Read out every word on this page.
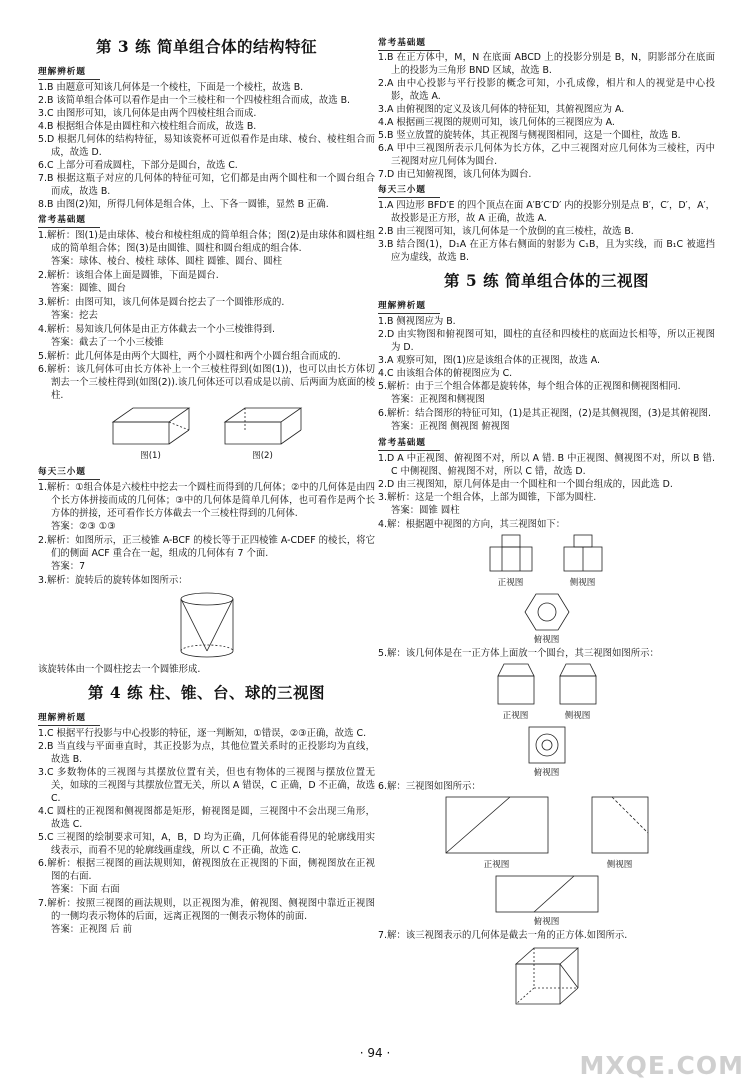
第 3 练 简单组合体的结构特征
理解辨析题

1.B 由题意可知该几何体是一个棱柱，下面是一个棱柱，故选 B.

2.B 该简单组合体可以看作是由一个三棱柱和一个四棱柱组合而成，故选 B.

3.C 由图形可知，该几何体是由两个四棱柱组合而成.

4.B 根据组合体是由圆柱和六棱柱组合而成，故选 B.

5.D 根据几何体的结构特征，易知该瓷杯可近似看作是由球、棱台、棱柱组合而成，故选 D.

6.C 上部分可看成圆柱，下部分是圆台，故选 C.

7.B 根据这瓶子对应的几何体的特征可知，它们都是由两个圆柱和一个圆台组合而成，故选 B.

8.B 由图(2)知，所得几何体是组合体，上、下各一圆锥，显然 B 正确.

常考基础题

1.解析：图(1)是由球体、棱台和棱柱组成的简单组合体；图(2)是由球体和圆柱组成的简单组合体；图(3)是由圆锥、圆柱和圆台组成的组合体.

答案：球体、棱台、棱柱 球体、圆柱 圆锥、圆台、圆柱

2.解析：该组合体上面是圆锥，下面是圆台.

答案：圆锥、圆台

3.解析：由图可知，该几何体是圆台挖去了一个圆锥形成的.

答案：挖去

4.解析：易知该几何体是由正方体截去一个小三棱锥得到.

答案：截去了一个小三棱锥

5.解析：此几何体是由两个大圆柱，两个小圆柱和两个小圆台组合而成的.

6.解析：该几何体可由长方体补上一个三棱柱得到(如图(1))，也可以由长方体切割去一个三棱柱得到(如图(2)).该几何体还可以看成是以前、后两面为底面的棱柱.

图(1)	图(2)

每天三小题

1.解析：①组合体是六棱柱中挖去一个圆柱而得到的几何体；②中的几何体是由四个长方体拼接而成的几何体；③中的几何体是简单几何体，也可看作是两个长方体的拼接，还可看作长方体截去一个三棱柱得到的几何体.

答案：②③ ①③

2.解析：如图所示，正三棱锥 A-BCF 的棱长等于正四棱锥 A-CDEF 的棱长，将它们的侧面 ACF 重合在一起，组成的几何体有 7 个面.

答案：7

3.解析：旋转后的旋转体如图所示：

该旋转体由一个圆柱挖去一个圆锥形成.

第 4 练 柱、锥、台、球的三视图
理解辨析题

1.C 根据平行投影与中心投影的特征，逐一判断知，①错误，②③正确，故选 C.

2.B 当直线与平面垂直时，其正投影为点，其他位置关系时的正投影均为直线，故选 B.

3.C 多数物体的三视图与其摆放位置有关，但也有物体的三视图与摆放位置无关，如球的三视图与其摆放位置无关，所以 A 错误，C 正确，D 不正确，故选 C.

4.C 圆柱的正视图和侧视图都是矩形，俯视图是圆，三视图中不会出现三角形，故选 C.

5.C 三视图的绘制要求可知，A，B，D 均为正确，几何体能看得见的轮廓线用实线表示，而看不见的轮廓线画虚线，所以 C 不正确，故选 C.

6.解析：根据三视图的画法规则知，俯视图放在正视图的下面，侧视图放在正视图的右面.

答案：下面 右面

7.解析：按照三视图的画法规则，以正视图为准，俯视图、侧视图中靠近正视图的一侧均表示物体的后面，远离正视图的一侧表示物体的前面.

答案：正视图 后 前

常考基础题

1.B 在正方体中，M，N 在底面 ABCD 上的投影分别是 B，N，阴影部分在底面上的投影为三角形 BND 区域，故选 B.

2.A 由中心投影与平行投影的概念可知，小孔成像，相片和人的视觉是中心投影，故选 A.

3.A 由俯视图的定义及该几何体的特征知，其俯视图应为 A.

4.A 根据画三视图的规则可知，该几何体的三视图应为 A.

5.B 竖立放置的旋转体，其正视图与侧视图相同，这是一个圆柱，故选 B.

6.A 甲中三视图所表示几何体为长方体，乙中三视图对应几何体为三棱柱，丙中三视图对应几何体为圆台.

7.D 由已知俯视图，该几何体为圆台.

每天三小题

1.A 四边形 BFD′E 的四个顶点在面 A′B′C′D′ 内的投影分别是点 B′，C′，D′，A′，故投影是正方形，故 A 正确，故选 A.

2.B 由三视图可知，该几何体是一个放倒的直三棱柱，故选 B.

3.B 结合图(1)，D₁A 在正方体右侧面的射影为 C₁B，且为实线，而 B₁C 被遮挡应为虚线，故选 B.

第 5 练 简单组合体的三视图
理解辨析题

1.B 侧视图应为 B.

2.D 由实物图和俯视图可知，圆柱的直径和四棱柱的底面边长相等，所以正视图为 D.

3.A 观察可知，图(1)应是该组合体的正视图，故选 A.

4.C 由该组合体的俯视图应为 C.

5.解析：由于三个组合体都是旋转体，每个组合体的正视图和侧视图相同.

答案：正视图和侧视图

6.解析：结合图形的特征可知，(1)是其正视图，(2)是其侧视图，(3)是其俯视图.

答案：正视图 侧视图 俯视图

常考基础题

1.D A 中正视图、俯视图不对，所以 A 错. B 中正视图、侧视图不对，所以 B 错. C 中侧视图、俯视图不对，所以 C 错，故选 D.

2.D 由三视图知，原几何体是由一个圆柱和一个圆台组成的，因此选 D.

3.解析：这是一个组合体，上部为圆锥，下部为圆柱.

答案：圆锥 圆柱

4.解：根据题中视图的方向，其三视图如下：

正视图	侧视图

俯视图

5.解：该几何体是在一正方体上面放一个圆台，其三视图如图所示：

正视图	侧视图

俯视图

6.解：三视图如图所示：

正视图	侧视图

俯视图

7.解：该三视图表示的几何体是截去一角的正方体.如图所示.

· 94 ·	MXQE.COM
